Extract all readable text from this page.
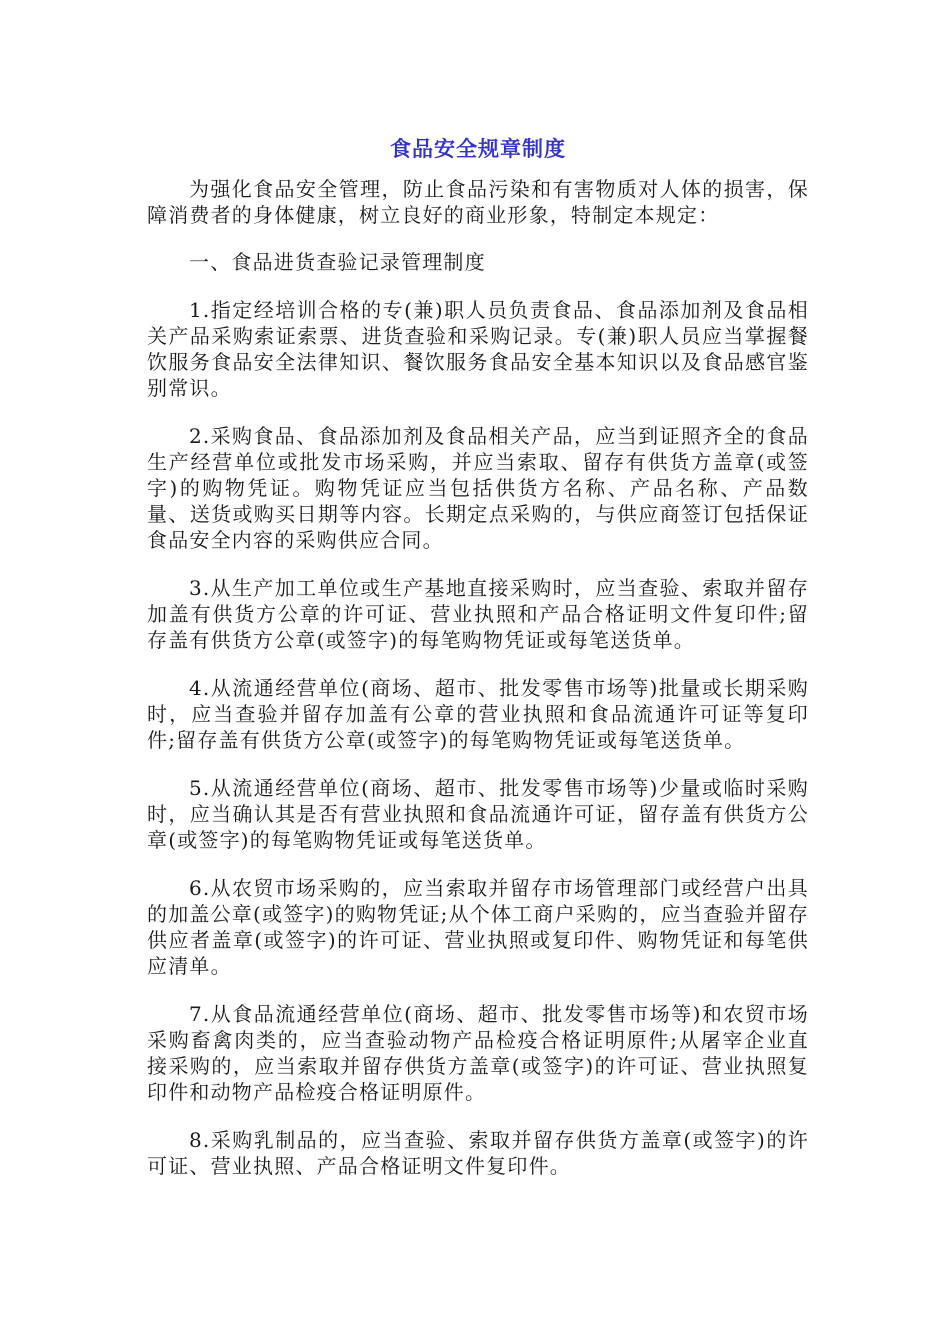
食品安全规章制度

为强化食品安全管理，防止食品污染和有害物质对人体的损害，保障消费者的身体健康，树立良好的商业形象，特制定本规定：

一、食品进货查验记录管理制度

1.指定经培训合格的专(兼)职人员负责食品、食品添加剂及食品相关产品采购索证索票、进货查验和采购记录。专(兼)职人员应当掌握餐饮服务食品安全法律知识、餐饮服务食品安全基本知识以及食品感官鉴别常识。

2.采购食品、食品添加剂及食品相关产品，应当到证照齐全的食品生产经营单位或批发市场采购，并应当索取、留存有供货方盖章(或签字)的购物凭证。购物凭证应当包括供货方名称、产品名称、产品数量、送货或购买日期等内容。长期定点采购的，与供应商签订包括保证食品安全内容的采购供应合同。

3.从生产加工单位或生产基地直接采购时，应当查验、索取并留存加盖有供货方公章的许可证、营业执照和产品合格证明文件复印件;留存盖有供货方公章(或签字)的每笔购物凭证或每笔送货单。

4.从流通经营单位(商场、超市、批发零售市场等)批量或长期采购时，应当查验并留存加盖有公章的营业执照和食品流通许可证等复印件;留存盖有供货方公章(或签字)的每笔购物凭证或每笔送货单。

5.从流通经营单位(商场、超市、批发零售市场等)少量或临时采购时，应当确认其是否有营业执照和食品流通许可证，留存盖有供货方公章(或签字)的每笔购物凭证或每笔送货单。

6.从农贸市场采购的，应当索取并留存市场管理部门或经营户出具的加盖公章(或签字)的购物凭证;从个体工商户采购的，应当查验并留存供应者盖章(或签字)的许可证、营业执照或复印件、购物凭证和每笔供应清单。

7.从食品流通经营单位(商场、超市、批发零售市场等)和农贸市场采购畜禽肉类的，应当查验动物产品检疫合格证明原件;从屠宰企业直接采购的，应当索取并留存供货方盖章(或签字)的许可证、营业执照复印件和动物产品检疫合格证明原件。

8.采购乳制品的，应当查验、索取并留存供货方盖章(或签字)的许可证、营业执照、产品合格证明文件复印件。
